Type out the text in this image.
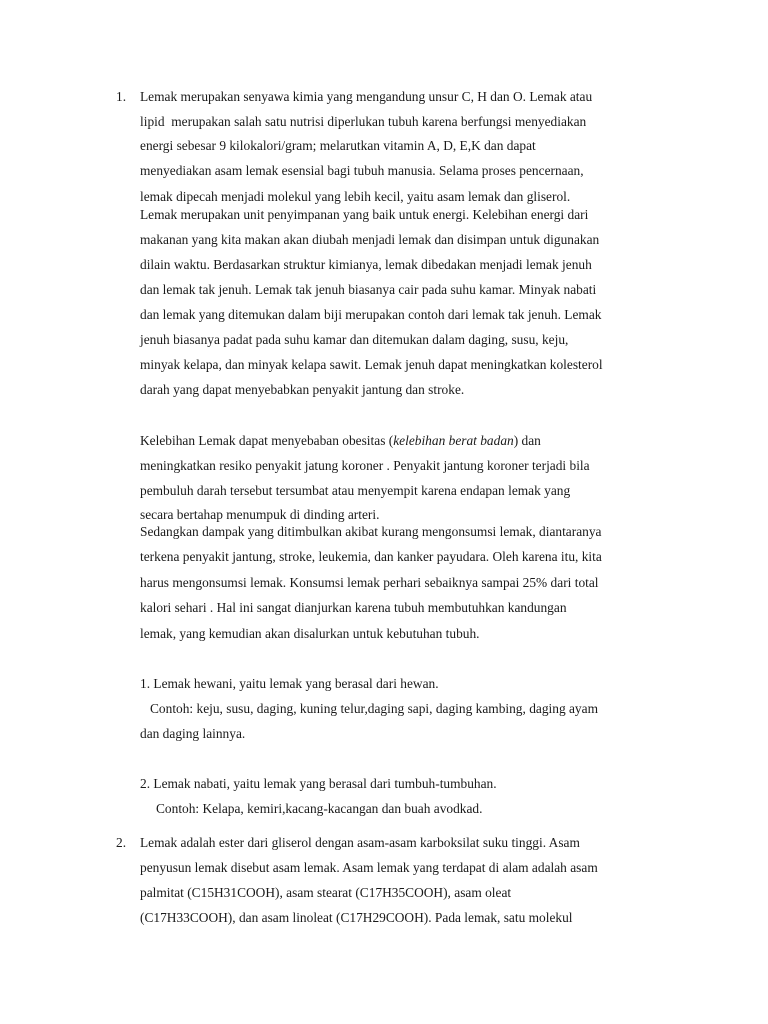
1. Lemak merupakan senyawa kimia yang mengandung unsur C, H dan O. Lemak atau
lipid  merupakan salah satu nutrisi diperlukan tubuh karena berfungsi menyediakan
energi sebesar 9 kilokalori/gram; melarutkan vitamin A, D, E,K dan dapat
menyediakan asam lemak esensial bagi tubuh manusia. Selama proses pencernaan,
lemak dipecah menjadi molekul yang lebih kecil, yaitu asam lemak dan gliserol.
Lemak merupakan unit penyimpanan yang baik untuk energi. Kelebihan energi dari
makanan yang kita makan akan diubah menjadi lemak dan disimpan untuk digunakan
dilain waktu. Berdasarkan struktur kimianya, lemak dibedakan menjadi lemak jenuh
dan lemak tak jenuh. Lemak tak jenuh biasanya cair pada suhu kamar. Minyak nabati
dan lemak yang ditemukan dalam biji merupakan contoh dari lemak tak jenuh. Lemak
jenuh biasanya padat pada suhu kamar dan ditemukan dalam daging, susu, keju,
minyak kelapa, dan minyak kelapa sawit. Lemak jenuh dapat meningkatkan kolesterol
darah yang dapat menyebabkan penyakit jantung dan stroke.
Kelebihan Lemak dapat menyebaban obesitas (kelebihan berat badan) dan
meningkatkan resiko penyakit jatung koroner . Penyakit jantung koroner terjadi bila
pembuluh darah tersebut tersumbat atau menyempit karena endapan lemak yang
secara bertahap menumpuk di dinding arteri.
Sedangkan dampak yang ditimbulkan akibat kurang mengonsumsi lemak, diantaranya
terkena penyakit jantung, stroke, leukemia, dan kanker payudara. Oleh karena itu, kita
harus mengonsumsi lemak. Konsumsi lemak perhari sebaiknya sampai 25% dari total
kalori sehari . Hal ini sangat dianjurkan karena tubuh membutuhkan kandungan
lemak, yang kemudian akan disalurkan untuk kebutuhan tubuh.
1. Lemak hewani, yaitu lemak yang berasal dari hewan.
Contoh: keju, susu, daging, kuning telur,daging sapi, daging kambing, daging ayam
dan daging lainnya.
2. Lemak nabati, yaitu lemak yang berasal dari tumbuh-tumbuhan.
Contoh: Kelapa, kemiri,kacang-kacangan dan buah avodkad.
2. Lemak adalah ester dari gliserol dengan asam-asam karboksilat suku tinggi. Asam
penyusun lemak disebut asam lemak. Asam lemak yang terdapat di alam adalah asam
palmitat (C15H31COOH), asam stearat (C17H35COOH), asam oleat
(C17H33COOH), dan asam linoleat (C17H29COOH). Pada lemak, satu molekul
